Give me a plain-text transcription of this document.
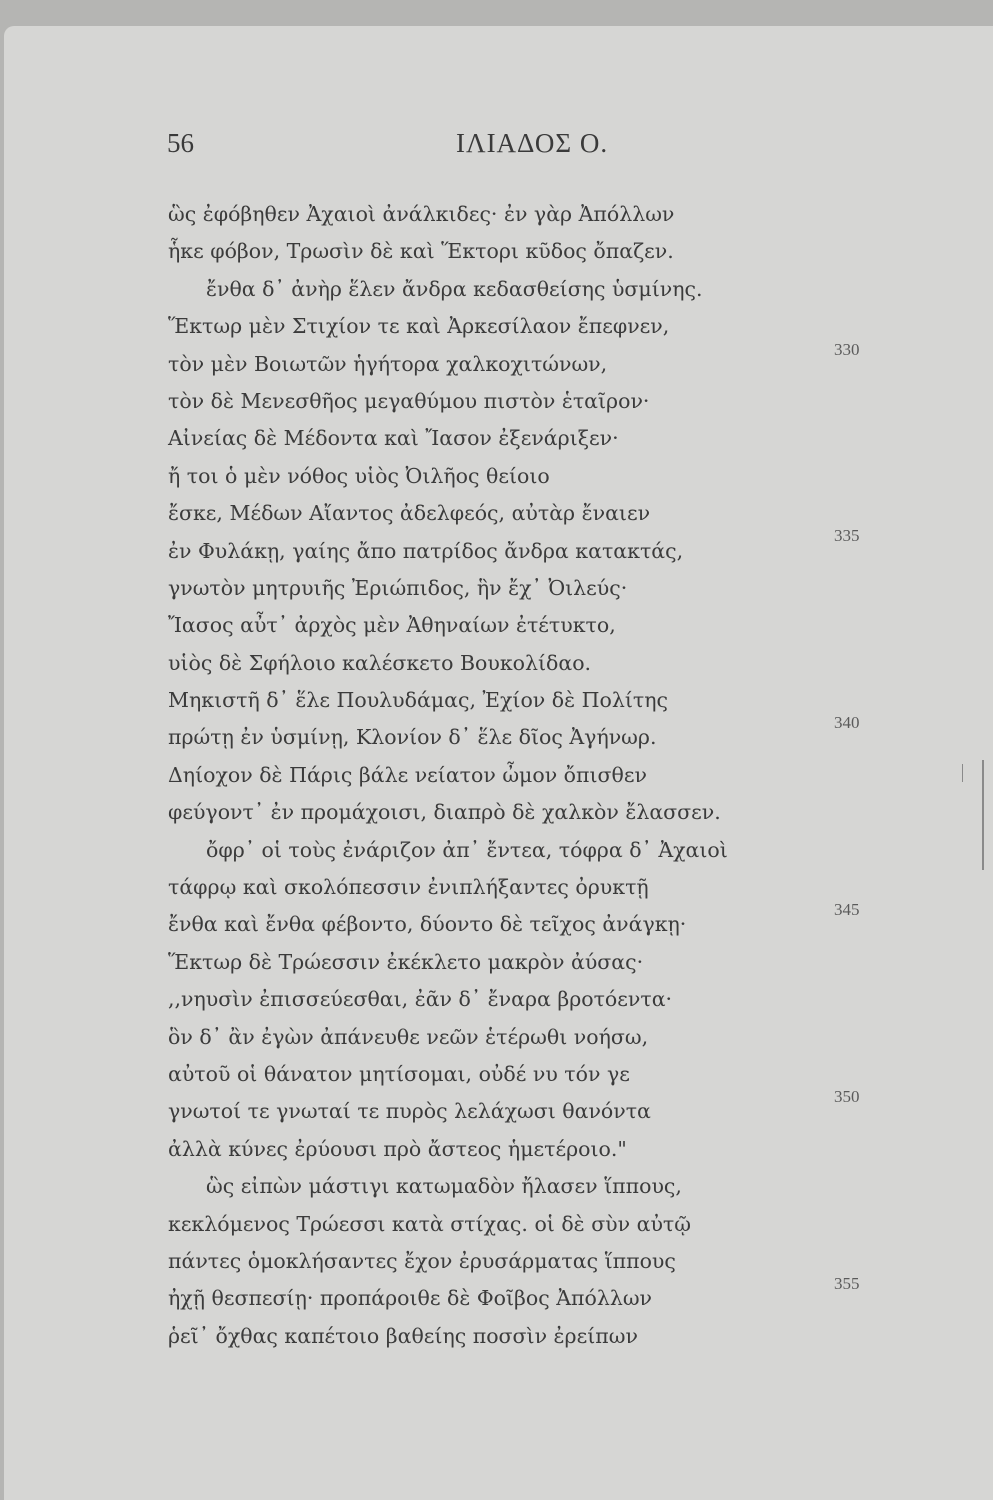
56	ΙΛΙΑΔΟΣ Ο.
ὣς ἐφόβηθεν Ἀχαιοὶ ἀνάλκιδες· ἐν γὰρ Ἀπόλλων
ἧκε φόβον, Τρωσὶν δὲ καὶ Ἕκτορι κῦδος ὄπαζεν.
ἔνθα δ᾽ ἀνὴρ ἕλεν ἄνδρα κεδασθείσης ὑσμίνης.
Ἕκτωρ μὲν Στιχίον τε καὶ Ἀρκεσίλαον ἔπεφνεν,
τὸν μὲν Βοιωτῶν ἡγήτορα χαλκοχιτώνων,
τὸν δὲ Μενεσθῆος μεγαθύμου πιστὸν ἑταῖρον·
Αἰνείας δὲ Μέδοντα καὶ Ἴασον ἐξενάριξεν·
ἤ τοι ὁ μὲν νόθος υἱὸς Ὀιλῆος θείοιο
ἔσκε, Μέδων Αἴαντος ἀδελφεός, αὐτὰρ ἔναιεν
ἐν Φυλάκῃ, γαίης ἄπο πατρίδος ἄνδρα κατακτάς,
γνωτὸν μητρυιῆς Ἐριώπιδος, ἣν ἔχ᾽ Ὀιλεύς·
Ἴασος αὖτ᾽ ἀρχὸς μὲν Ἀθηναίων ἐτέτυκτο,
υἱὸς δὲ Σφήλοιο καλέσκετο Βουκολίδαο.
Μηκιστῆ δ᾽ ἕλε Πουλυδάμας, Ἐχίον δὲ Πολίτης
πρώτῃ ἐν ὑσμίνῃ, Κλονίον δ᾽ ἕλε δῖος Ἀγήνωρ.
Δηίοχον δὲ Πάρις βάλε νείατον ὦμον ὄπισθεν
φεύγοντ᾽ ἐν προμάχοισι, διαπρὸ δὲ χαλκὸν ἔλασσεν.
ὄφρ᾽ οἱ τοὺς ἐνάριζον ἀπ᾽ ἔντεα, τόφρα δ᾽ Ἀχαιοὶ
τάφρῳ καὶ σκολόπεσσιν ἐνιπλήξαντες ὀρυκτῇ
ἔνθα καὶ ἔνθα φέβοντο, δύοντο δὲ τεῖχος ἀνάγκῃ·
Ἕκτωρ δὲ Τρώεσσιν ἐκέκλετο μακρὸν ἀύσας·
,,νηυσὶν ἐπισσεύεσθαι, ἐᾶν δ᾽ ἔναρα βροτόεντα·
ὃν δ᾽ ἂν ἐγὼν ἀπάνευθε νεῶν ἑτέρωθι νοήσω,
αὐτοῦ οἱ θάνατον μητίσομαι, οὐδέ νυ τόν γε
γνωτοί τε γνωταί τε πυρὸς λελάχωσι θανόντα
ἀλλὰ κύνες ἐρύουσι πρὸ ἄστεος ἡμετέροιο."
ὣς εἰπὼν μάστιγι κατωμαδὸν ἤλασεν ἵππους,
κεκλόμενος Τρώεσσι κατὰ στίχας. οἱ δὲ σὺν αὐτῷ
πάντες ὁμοκλήσαντες ἔχον ἐρυσάρματας ἵππους
ἠχῇ θεσπεσίῃ· προπάροιθε δὲ Φοῖβος Ἀπόλλων
ῥεῖ᾽ ὄχθας καπέτοιο βαθείης ποσσὶν ἐρείπων
330
335
340
345
350
355
